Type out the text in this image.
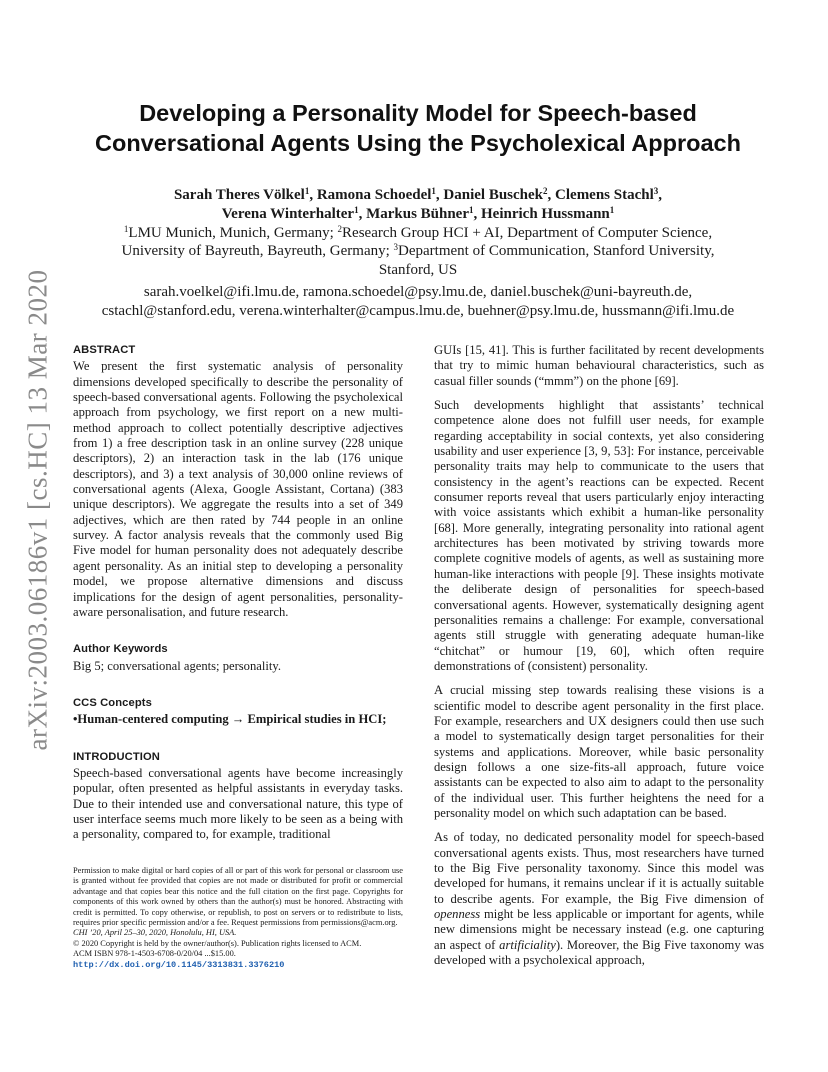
arXiv:2003.06186v1 [cs.HC] 13 Mar 2020
Developing a Personality Model for Speech-based
Conversational Agents Using the Psycholexical Approach
Sarah Theres Völkel$^1$, Ramona Schoedel$^1$, Daniel Buschek$^2$, Clemens Stachl$^3$,
Verena Winterhalter$^1$, Markus Bühner$^1$, Heinrich Hussmann$^1$
$^1$LMU Munich, Munich, Germany; $^2$Research Group HCI + AI, Department of Computer Science,
University of Bayreuth, Bayreuth, Germany; $^3$Department of Communication, Stanford University,
Stanford, US
sarah.voelkel@ifi.lmu.de, ramona.schoedel@psy.lmu.de, daniel.buschek@uni-bayreuth.de,
cstachl@stanford.edu, verena.winterhalter@campus.lmu.de, buehner@psy.lmu.de, hussmann@ifi.lmu.de
ABSTRACT

We present the first systematic analysis of personality dimensions developed specifically to describe the personality of speech-based conversational agents. Following the psycholexical approach from psychology, we first report on a new multi-method approach to collect potentially descriptive adjectives from 1) a free description task in an online survey (228 unique descriptors), 2) an interaction task in the lab (176 unique descriptors), and 3) a text analysis of 30,000 online reviews of conversational agents (Alexa, Google Assistant, Cortana) (383 unique descriptors). We aggregate the results into a set of 349 adjectives, which are then rated by 744 people in an online survey. A factor analysis reveals that the commonly used Big Five model for human personality does not adequately describe agent personality. As an initial step to developing a personality model, we propose alternative dimensions and discuss implications for the design of agent personalities, personality-aware personalisation, and future research.

Author Keywords

Big 5; conversational agents; personality.

CCS Concepts

•Human-centered computing → Empirical studies in HCI;

INTRODUCTION

Speech-based conversational agents have become increasingly popular, often presented as helpful assistants in everyday tasks. Due to their intended use and conversational nature, this type of user interface seems much more likely to be seen as a being with a personality, compared to, for example, traditional

Permission to make digital or hard copies of all or part of this work for personal or classroom use is granted without fee provided that copies are not made or distributed for profit or commercial advantage and that copies bear this notice and the full citation on the first page. Copyrights for components of this work owned by others than the author(s) must be honored. Abstracting with credit is permitted. To copy otherwise, or republish, to post on servers or to redistribute to lists, requires prior specific permission and/or a fee. Request permissions from permissions@acm.org.
CHI ’20, April 25–30, 2020, Honolulu, HI, USA.
© 2020 Copyright is held by the owner/author(s). Publication rights licensed to ACM.
ACM ISBN 978-1-4503-6708-0/20/04 ...$15.00.
http://dx.doi.org/10.1145/3313831.3376210

GUIs [15, 41]. This is further facilitated by recent developments that try to mimic human behavioural characteristics, such as casual filler sounds (“mmm”) on the phone [69].

Such developments highlight that assistants’ technical competence alone does not fulfill user needs, for example regarding acceptability in social contexts, yet also considering usability and user experience [3, 9, 53]: For instance, perceivable personality traits may help to communicate to the users that consistency in the agent’s reactions can be expected. Recent consumer reports reveal that users particularly enjoy interacting with voice assistants which exhibit a human-like personality [68]. More generally, integrating personality into rational agent architectures has been motivated by striving towards more complete cognitive models of agents, as well as sustaining more human-like interactions with people [9]. These insights motivate the deliberate design of personalities for speech-based conversational agents. However, systematically designing agent personalities remains a challenge: For example, conversational agents still struggle with generating adequate human-like “chitchat” or humour [19, 60], which often require demonstrations of (consistent) personality.

A crucial missing step towards realising these visions is a scientific model to describe agent personality in the first place. For example, researchers and UX designers could then use such a model to systematically design target personalities for their systems and applications. Moreover, while basic personality design follows a one size-fits-all approach, future voice assistants can be expected to also aim to adapt to the personality of the individual user. This further heightens the need for a personality model on which such adaptation can be based.

As of today, no dedicated personality model for speech-based conversational agents exists. Thus, most researchers have turned to the Big Five personality taxonomy. Since this model was developed for humans, it remains unclear if it is actually suitable to describe agents. For example, the Big Five dimension of openness might be less applicable or important for agents, while new dimensions might be necessary instead (e.g. one capturing an aspect of artificiality). Moreover, the Big Five taxonomy was developed with a psycholexical approach,
